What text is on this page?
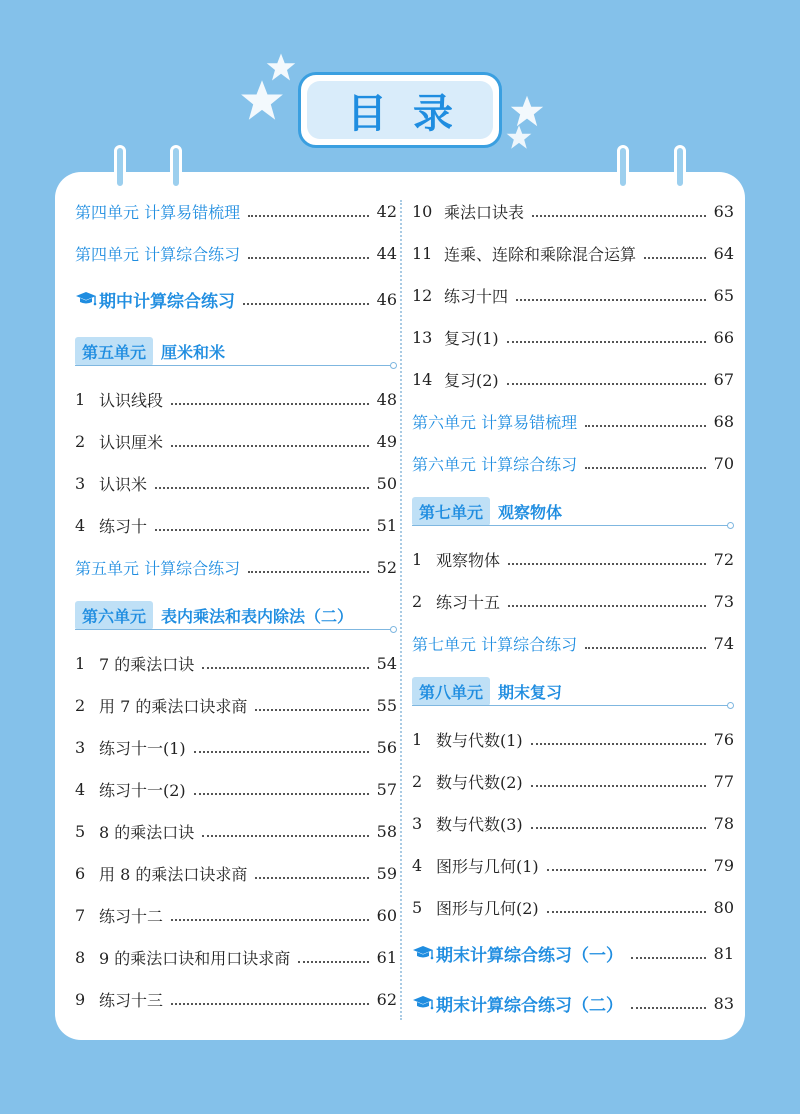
目录
第四单元 计算易错梳理	42
第四单元 计算综合练习	44
期中计算综合练习	46
第五单元 厘米和米
1 认识线段	48
2 认识厘米	49
3 认识米	50
4 练习十	51
第五单元 计算综合练习	52
第六单元 表内乘法和表内除法（二）
1 7 的乘法口诀	54
2 用 7 的乘法口诀求商	55
3 练习十一(1)	56
4 练习十一(2)	57
5 8 的乘法口诀	58
6 用 8 的乘法口诀求商	59
7 练习十二	60
8 9 的乘法口诀和用口诀求商	61
9 练习十三	62
10 乘法口诀表	63
11 连乘、连除和乘除混合运算	64
12 练习十四	65
13 复习(1)	66
14 复习(2)	67
第六单元 计算易错梳理	68
第六单元 计算综合练习	70
第七单元 观察物体
1 观察物体	72
2 练习十五	73
第七单元 计算综合练习	74
第八单元 期末复习
1 数与代数(1)	76
2 数与代数(2)	77
3 数与代数(3)	78
4 图形与几何(1)	79
5 图形与几何(2)	80
期末计算综合练习（一）	81
期末计算综合练习（二）	83
